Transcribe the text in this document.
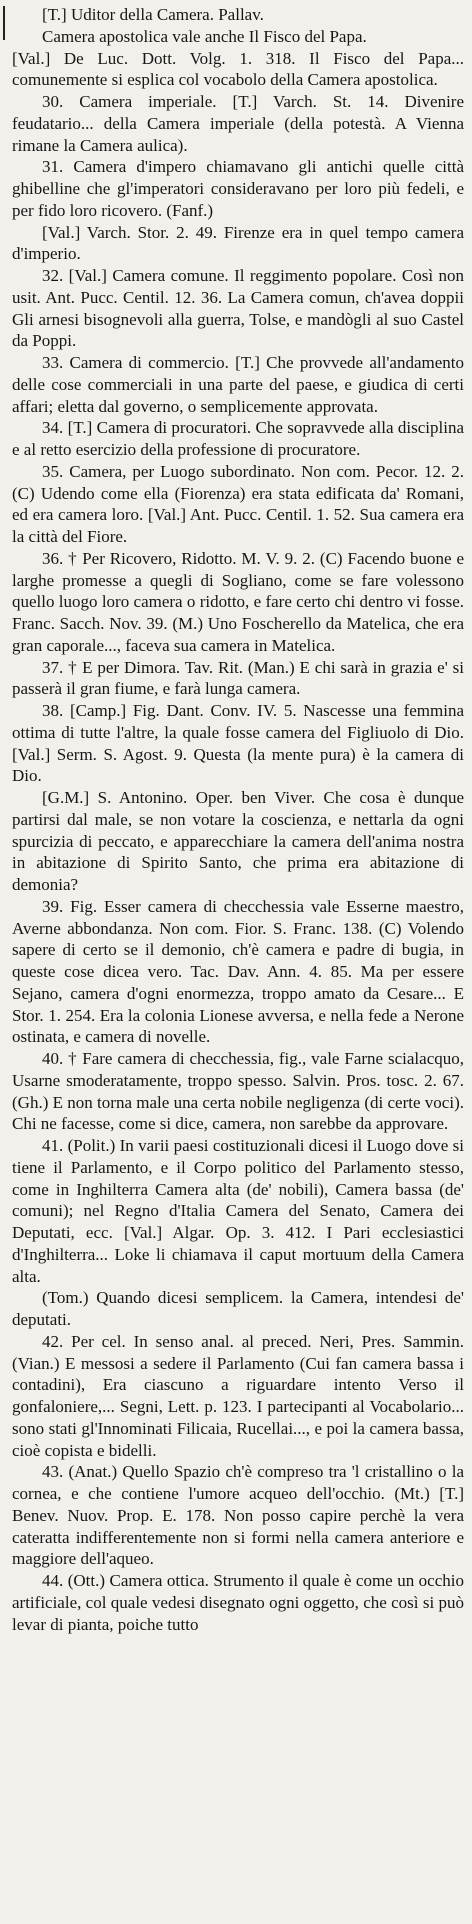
[T.] Uditor della Camera. Pallav.

Camera apostolica vale anche Il Fisco del Papa.

[Val.] De Luc. Dott. Volg. 1. 318. Il Fisco del Papa... comunemente si esplica col vocabolo della Camera apostolica.

30. Camera imperiale. [T.] Varch. St. 14. Divenire feudatario... della Camera imperiale (della potestà. A Vienna rimane la Camera aulica).

31. Camera d'impero chiamavano gli antichi quelle città ghibelline che gl'imperatori consideravano per loro più fedeli, e per fido loro ricovero. (Fanf.)

[Val.] Varch. Stor. 2. 49. Firenze era in quel tempo camera d'imperio.

32. [Val.] Camera comune. Il reggimento popolare. Così non usit. Ant. Pucc. Centil. 12. 36. La Camera comun, ch'avea doppii Gli arnesi bisognevoli alla guerra, Tolse, e mandògli al suo Castel da Poppi.

33. Camera di commercio. [T.] Che provvede all'andamento delle cose commerciali in una parte del paese, e giudica di certi affari; eletta dal governo, o semplicemente approvata.

34. [T.] Camera di procuratori. Che sopravvede alla disciplina e al retto esercizio della professione di procuratore.

35. Camera, per Luogo subordinato. Non com. Pecor. 12. 2. (C) Udendo come ella (Fiorenza) era stata edificata da' Romani, ed era camera loro. [Val.] Ant. Pucc. Centil. 1. 52. Sua camera era la città del Fiore.

36. † Per Ricovero, Ridotto. M. V. 9. 2. (C) Facendo buone e larghe promesse a quegli di Sogliano, come se fare volessono quello luogo loro camera o ridotto, e fare certo chi dentro vi fosse. Franc. Sacch. Nov. 39. (M.) Uno Foscherello da Matelica, che era gran caporale..., faceva sua camera in Matelica.

37. † E per Dimora. Tav. Rit. (Man.) E chi sarà in grazia e' si passerà il gran fiume, e farà lunga camera.

38. [Camp.] Fig. Dant. Conv. IV. 5. Nascesse una femmina ottima di tutte l'altre, la quale fosse camera del Figliuolo di Dio. [Val.] Serm. S. Agost. 9. Questa (la mente pura) è la camera di Dio.

[G.M.] S. Antonino. Oper. ben Viver. Che cosa è dunque partirsi dal male, se non votare la coscienza, e nettarla da ogni spurcizia di peccato, e apparecchiare la camera dell'anima nostra in abitazione di Spirito Santo, che prima era abitazione di demonia?

39. Fig. Esser camera di checchessia vale Esserne maestro, Averne abbondanza. Non com. Fior. S. Franc. 138. (C) Volendo sapere di certo se il demonio, ch'è camera e padre di bugia, in queste cose dicea vero. Tac. Dav. Ann. 4. 85. Ma per essere Sejano, camera d'ogni enormezza, troppo amato da Cesare... E Stor. 1. 254. Era la colonia Lionese avversa, e nella fede a Nerone ostinata, e camera di novelle.

40. † Fare camera di checchessia, fig., vale Farne scialacquo, Usarne smoderatamente, troppo spesso. Salvin. Pros. tosc. 2. 67. (Gh.) E non torna male una certa nobile negligenza (di certe voci). Chi ne facesse, come si dice, camera, non sarebbe da approvare.

41. (Polit.) In varii paesi costituzionali dicesi il Luogo dove si tiene il Parlamento, e il Corpo politico del Parlamento stesso, come in Inghilterra Camera alta (de' nobili), Camera bassa (de' comuni); nel Regno d'Italia Camera del Senato, Camera dei Deputati, ecc. [Val.] Algar. Op. 3. 412. I Pari ecclesiastici d'Inghilterra... Loke li chiamava il caput mortuum della Camera alta.

(Tom.) Quando dicesi semplicem. la Camera, intendesi de' deputati.

42. Per cel. In senso anal. al preced. Neri, Pres. Sammin. (Vian.) E messosi a sedere il Parlamento (Cui fan camera bassa i contadini), Era ciascuno a riguardare intento Verso il gonfaloniere,... Segni, Lett. p. 123. I partecipanti al Vocabolario... sono stati gl'Innominati Filicaia, Rucellai..., e poi la camera bassa, cioè copista e bidelli.

43. (Anat.) Quello Spazio ch'è compreso tra 'l cristallino o la cornea, e che contiene l'umore acqueo dell'occhio. (Mt.) [T.] Benev. Nuov. Prop. E. 178. Non posso capire perchè la vera cateratta indifferentemente non si formi nella camera anteriore e maggiore dell'aqueo.

44. (Ott.) Camera ottica. Strumento il quale è come un occhio artificiale, col quale vedesi disegnato ogni oggetto, che così si può levar di pianta, poiche tutto
